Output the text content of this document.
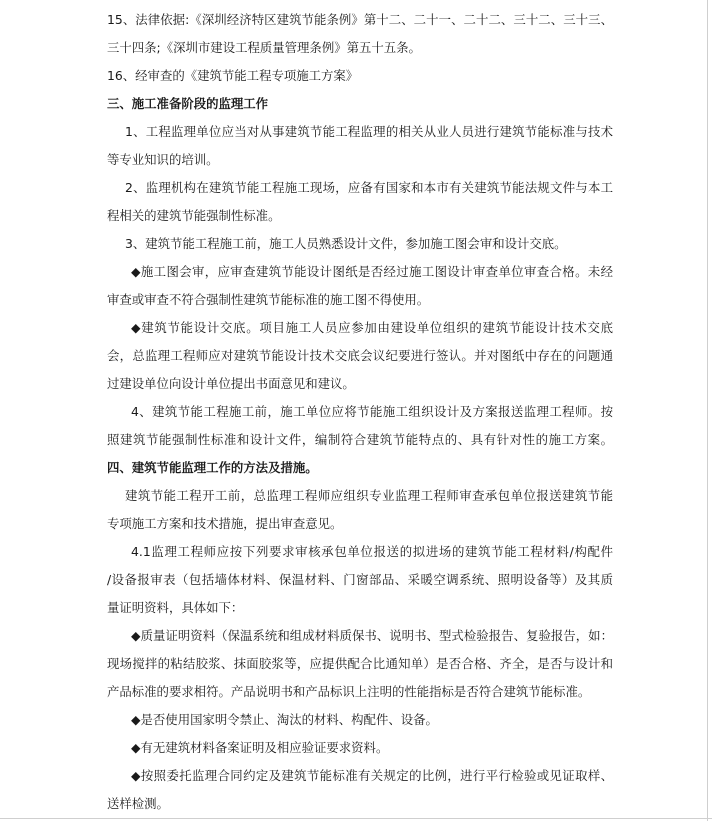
15、法律依据:《深圳经济特区建筑节能条例》第十二、二十一、二十二、三十二、三十三、
三十四条;《深圳市建设工程质量管理条例》第五十五条。
16、经审查的《建筑节能工程专项施工方案》
三、施工准备阶段的监理工作
1、工程监理单位应当对从事建筑节能工程监理的相关从业人员进行建筑节能标准与技术
等专业知识的培训。
2、监理机构在建筑节能工程施工现场，应备有国家和本市有关建筑节能法规文件与本工
程相关的建筑节能强制性标准。
3、建筑节能工程施工前，施工人员熟悉设计文件，参加施工图会审和设计交底。
◆施工图会审，应审查建筑节能设计图纸是否经过施工图设计审查单位审查合格。未经
审查或审查不符合强制性建筑节能标准的施工图不得使用。
◆建筑节能设计交底。项目施工人员应参加由建设单位组织的建筑节能设计技术交底
会，总监理工程师应对建筑节能设计技术交底会议纪要进行签认。并对图纸中存在的问题通
过建设单位向设计单位提出书面意见和建议。
4、建筑节能工程施工前，施工单位应将节能施工组织设计及方案报送监理工程师。按
照建筑节能强制性标准和设计文件，编制符合建筑节能特点的、具有针对性的施工方案。
四、建筑节能监理工作的方法及措施。
建筑节能工程开工前，总监理工程师应组织专业监理工程师审查承包单位报送建筑节能
专项施工方案和技术措施，提出审查意见。
4.1监理工程师应按下列要求审核承包单位报送的拟进场的建筑节能工程材料/构配件
/设备报审表（包括墙体材料、保温材料、门窗部品、采暖空调系统、照明设备等）及其质
量证明资料，具体如下：
◆质量证明资料（保温系统和组成材料质保书、说明书、型式检验报告、复验报告，如：
现场搅拌的粘结胶浆、抹面胶浆等，应提供配合比通知单）是否合格、齐全，是否与设计和
产品标准的要求相符。产品说明书和产品标识上注明的性能指标是否符合建筑节能标准。
◆是否使用国家明令禁止、淘汰的材料、构配件、设备。
◆有无建筑材料备案证明及相应验证要求资料。
◆按照委托监理合同约定及建筑节能标准有关规定的比例，进行平行检验或见证取样、
送样检测。
